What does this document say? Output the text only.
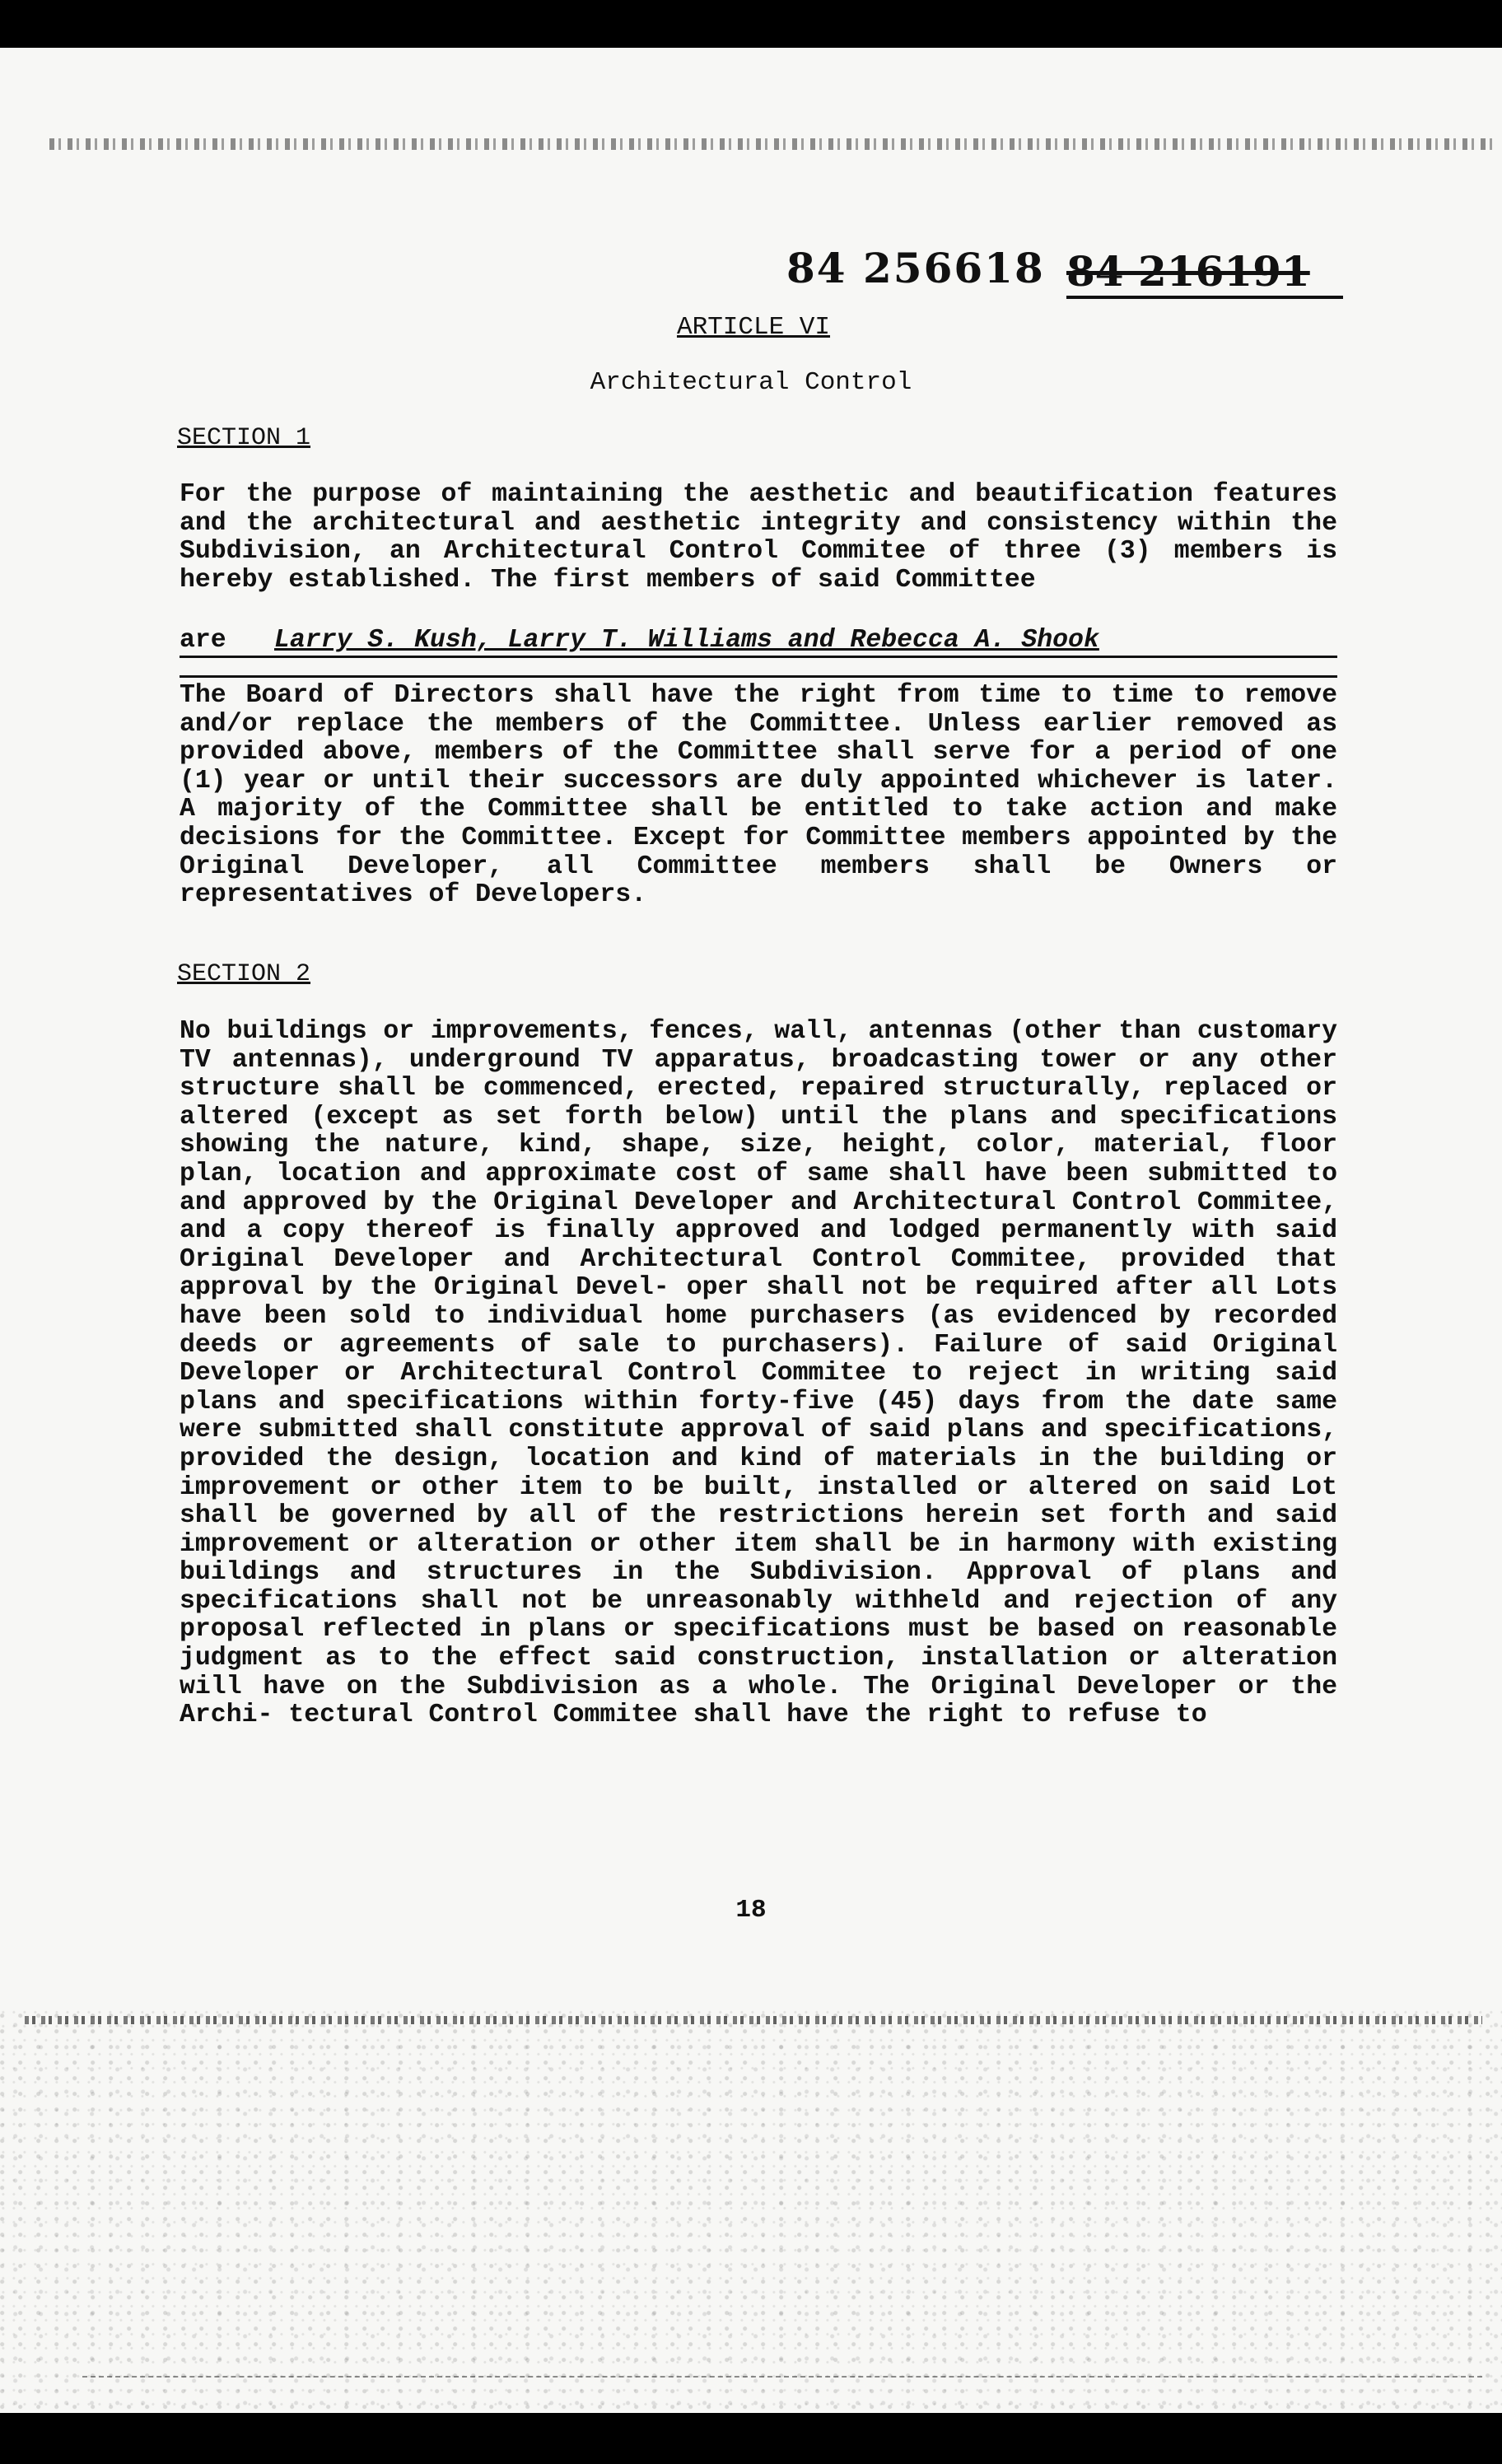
84 256618 84 216191
ARTICLE VI
Architectural Control
SECTION 1
For the purpose of maintaining the aesthetic and beautification features and the architectural and aesthetic integrity and consistency within the Subdivision, an Architectural Control Commitee of three (3) members is hereby established. The first members of said Committee
are Larry S. Kush, Larry T. Williams and Rebecca A. Shook
The Board of Directors shall have the right from time to time to remove and/or replace the members of the Committee. Unless earlier removed as provided above, members of the Committee shall serve for a period of one (1) year or until their successors are duly appointed whichever is later. A majority of the Committee shall be entitled to take action and make decisions for the Committee. Except for Committee members appointed by the Original Developer, all Committee members shall be Owners or representatives of Developers.
SECTION 2
No buildings or improvements, fences, wall, antennas (other than customary TV antennas), underground TV apparatus, broadcasting tower or any other structure shall be commenced, erected, repaired structurally, replaced or altered (except as set forth below) until the plans and specifications showing the nature, kind, shape, size, height, color, material, floor plan, location and approximate cost of same shall have been submitted to and approved by the Original Developer and Architectural Control Commitee, and a copy thereof is finally approved and lodged permanently with said Original Developer and Architectural Control Commitee, provided that approval by the Original Devel- oper shall not be required after all Lots have been sold to individual home purchasers (as evidenced by recorded deeds or agreements of sale to purchasers). Failure of said Original Developer or Architectural Control Commitee to reject in writing said plans and specifications within forty-five (45) days from the date same were submitted shall constitute approval of said plans and specifications, provided the design, location and kind of materials in the building or improvement or other item to be built, installed or altered on said Lot shall be governed by all of the restrictions herein set forth and said improvement or alteration or other item shall be in harmony with existing buildings and structures in the Subdivision. Approval of plans and specifications shall not be unreasonably withheld and rejection of any proposal reflected in plans or specifications must be based on reasonable judgment as to the effect said construction, installation or alteration will have on the Subdivision as a whole. The Original Developer or the Archi- tectural Control Commitee shall have the right to refuse to
18
